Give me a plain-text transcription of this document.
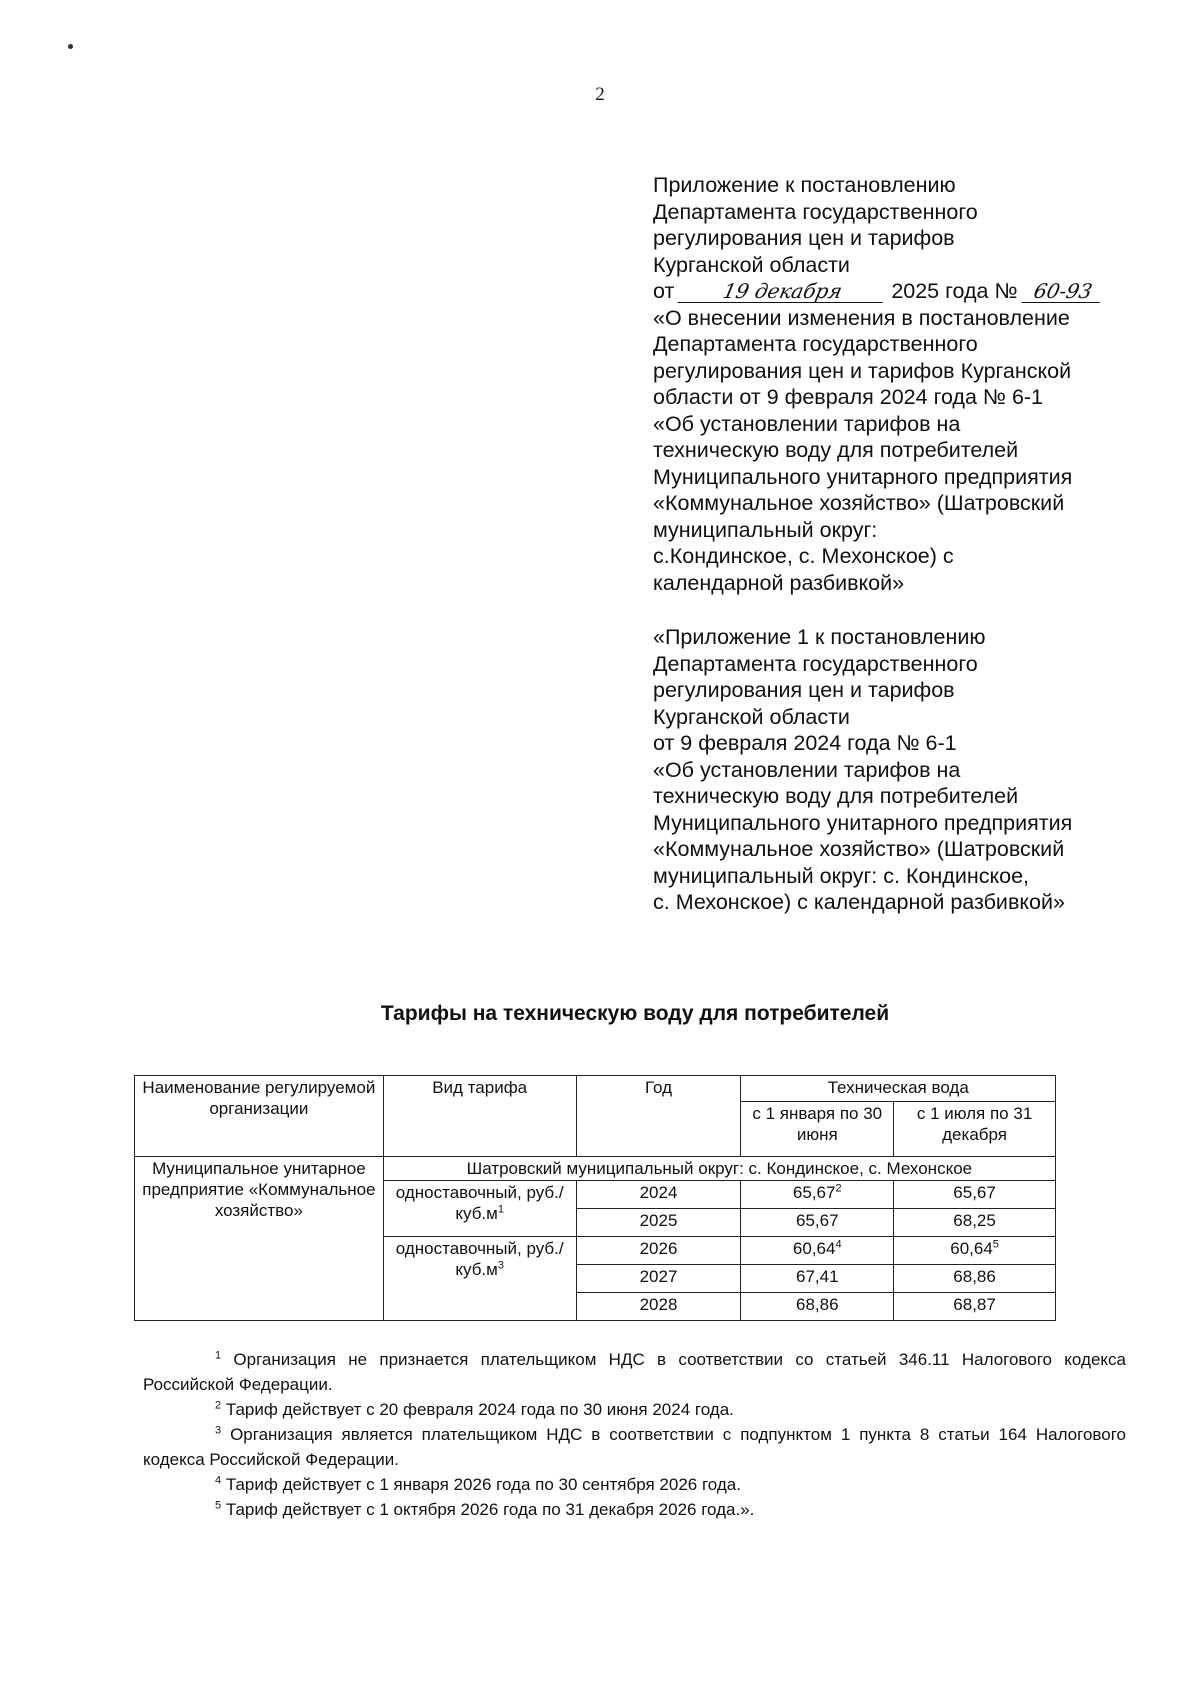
2
Приложение к постановлению
Департамента государственного
регулирования цен и тарифов
Курганской области
от 19 декабря 2025 года № 60-93
«О внесении изменения в постановление
Департамента государственного
регулирования цен и тарифов Курганской
области от 9 февраля 2024 года № 6-1
«Об установлении тарифов на
техническую воду для потребителей
Муниципального унитарного предприятия
«Коммунальное хозяйство» (Шатровский
муниципальный округ:
с.Кондинское, с. Мехонское) с
календарной разбивкой»
«Приложение 1 к постановлению
Департамента государственного
регулирования цен и тарифов
Курганской области
от 9 февраля 2024 года № 6-1
«Об установлении тарифов на
техническую воду для потребителей
Муниципального унитарного предприятия
«Коммунальное хозяйство» (Шатровский
муниципальный округ: с. Кондинское,
с. Мехонское) с календарной разбивкой»
Тарифы на техническую воду для потребителей
Наименование регулируемой организации	Вид тарифа	Год	Техническая вода	
			с 1 января по 30 июня	с 1 июля по 31 декабря
Муниципальное унитарное предприятие «Коммунальное хозяйство»	Шатровский муниципальный округ: с. Кондинское, с. Мехонское			
	одноставочный, $руб./куб.м^1$	2024	65,67$^2$	65,67
		2025	65,67	68,25
	одноставочный, $руб./куб.м^3$	2026	60,64$^4$	60,64$^5$
		2027	67,41	68,86
		2028	68,86	68,87

$^1$ Организация не признается плательщиком НДС в соответствии со статьей 346.11 Налогового кодекса Российской Федерации.

$^2$ Тариф действует с 20 февраля 2024 года по 30 июня 2024 года.

$^3$ Организация является плательщиком НДС в соответствии с подпунктом 1 пункта 8 статьи 164 Налогового кодекса Российской Федерации.

$^4$ Тариф действует с 1 января 2026 года по 30 сентября 2026 года.

$^5$ Тариф действует с 1 октября 2026 года по 31 декабря 2026 года.».
